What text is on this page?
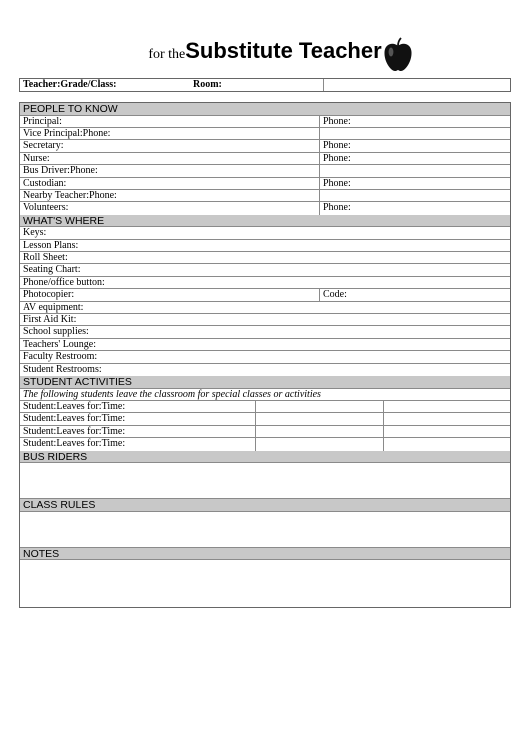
for theSubstitute Teacher
Teacher:Grade/Class:	Room:
PEOPLE TO KNOW
Principal:	Phone:
Vice Principal:Phone:
Secretary:	Phone:
Nurse:	Phone:
Bus Driver:Phone:
Custodian:	Phone:
Nearby Teacher:Phone:
Volunteers:	Phone:
WHAT'S WHERE
Keys:
Lesson Plans:
Roll Sheet:
Seating Chart:
Phone/office button:
Photocopier:	Code:
AV equipment:
First Aid Kit:
School supplies:
Teachers' Lounge:
Faculty Restroom:
Student Restrooms:
STUDENT ACTIVITIES
The following students leave the classroom for special classes or activities
Student:Leaves for:Time:
Student:Leaves for:Time:
Student:Leaves for:Time:
Student:Leaves for:Time:
BUS RIDERS
CLASS RULES
NOTES
